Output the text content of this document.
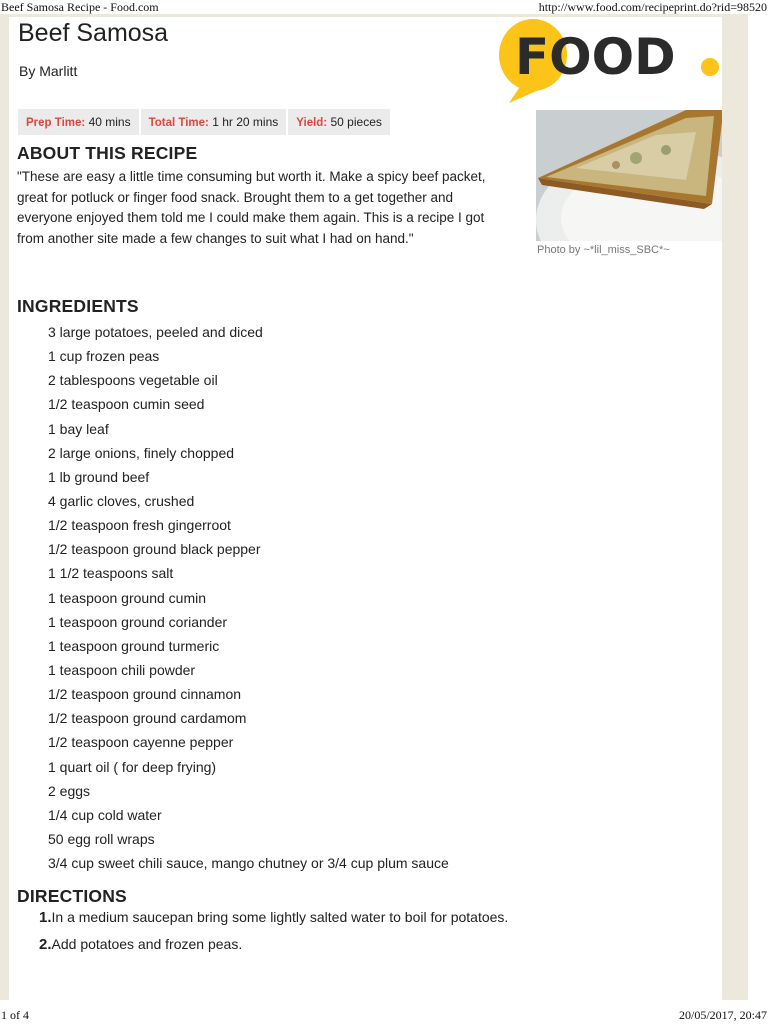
Beef Samosa Recipe - Food.com	http://www.food.com/recipeprint.do?rid=98520
Beef Samosa
By Marlitt	FOOD
Prep Time: 40 mins	Total Time: 1 hr 20 mins	Yield: 50 pieces
Photo by ~*lil_miss_SBC*~
ABOUT THIS RECIPE
"These are easy a little time consuming but worth it. Make a spicy beef packet, great for potluck or finger food snack. Brought them to a get together and everyone enjoyed them told me I could make them again. This is a recipe I got from another site made a few changes to suit what I had on hand."
INGREDIENTS
3 large potatoes, peeled and diced
1 cup frozen peas
2 tablespoons vegetable oil
1/2 teaspoon cumin seed
1 bay leaf
2 large onions, finely chopped
1 lb ground beef
4 garlic cloves, crushed
1/2 teaspoon fresh gingerroot
1/2 teaspoon ground black pepper
1 1/2 teaspoons salt
1 teaspoon ground cumin
1 teaspoon ground coriander
1 teaspoon ground turmeric
1 teaspoon chili powder
1/2 teaspoon ground cinnamon
1/2 teaspoon ground cardamom
1/2 teaspoon cayenne pepper
1 quart oil ( for deep frying)
2 eggs
1/4 cup cold water
50 egg roll wraps
3/4 cup sweet chili sauce, mango chutney or 3/4 cup plum sauce
DIRECTIONS
1.In a medium saucepan bring some lightly salted water to boil for potatoes.
2.Add potatoes and frozen peas.
1 of 4	20/05/2017, 20:47
